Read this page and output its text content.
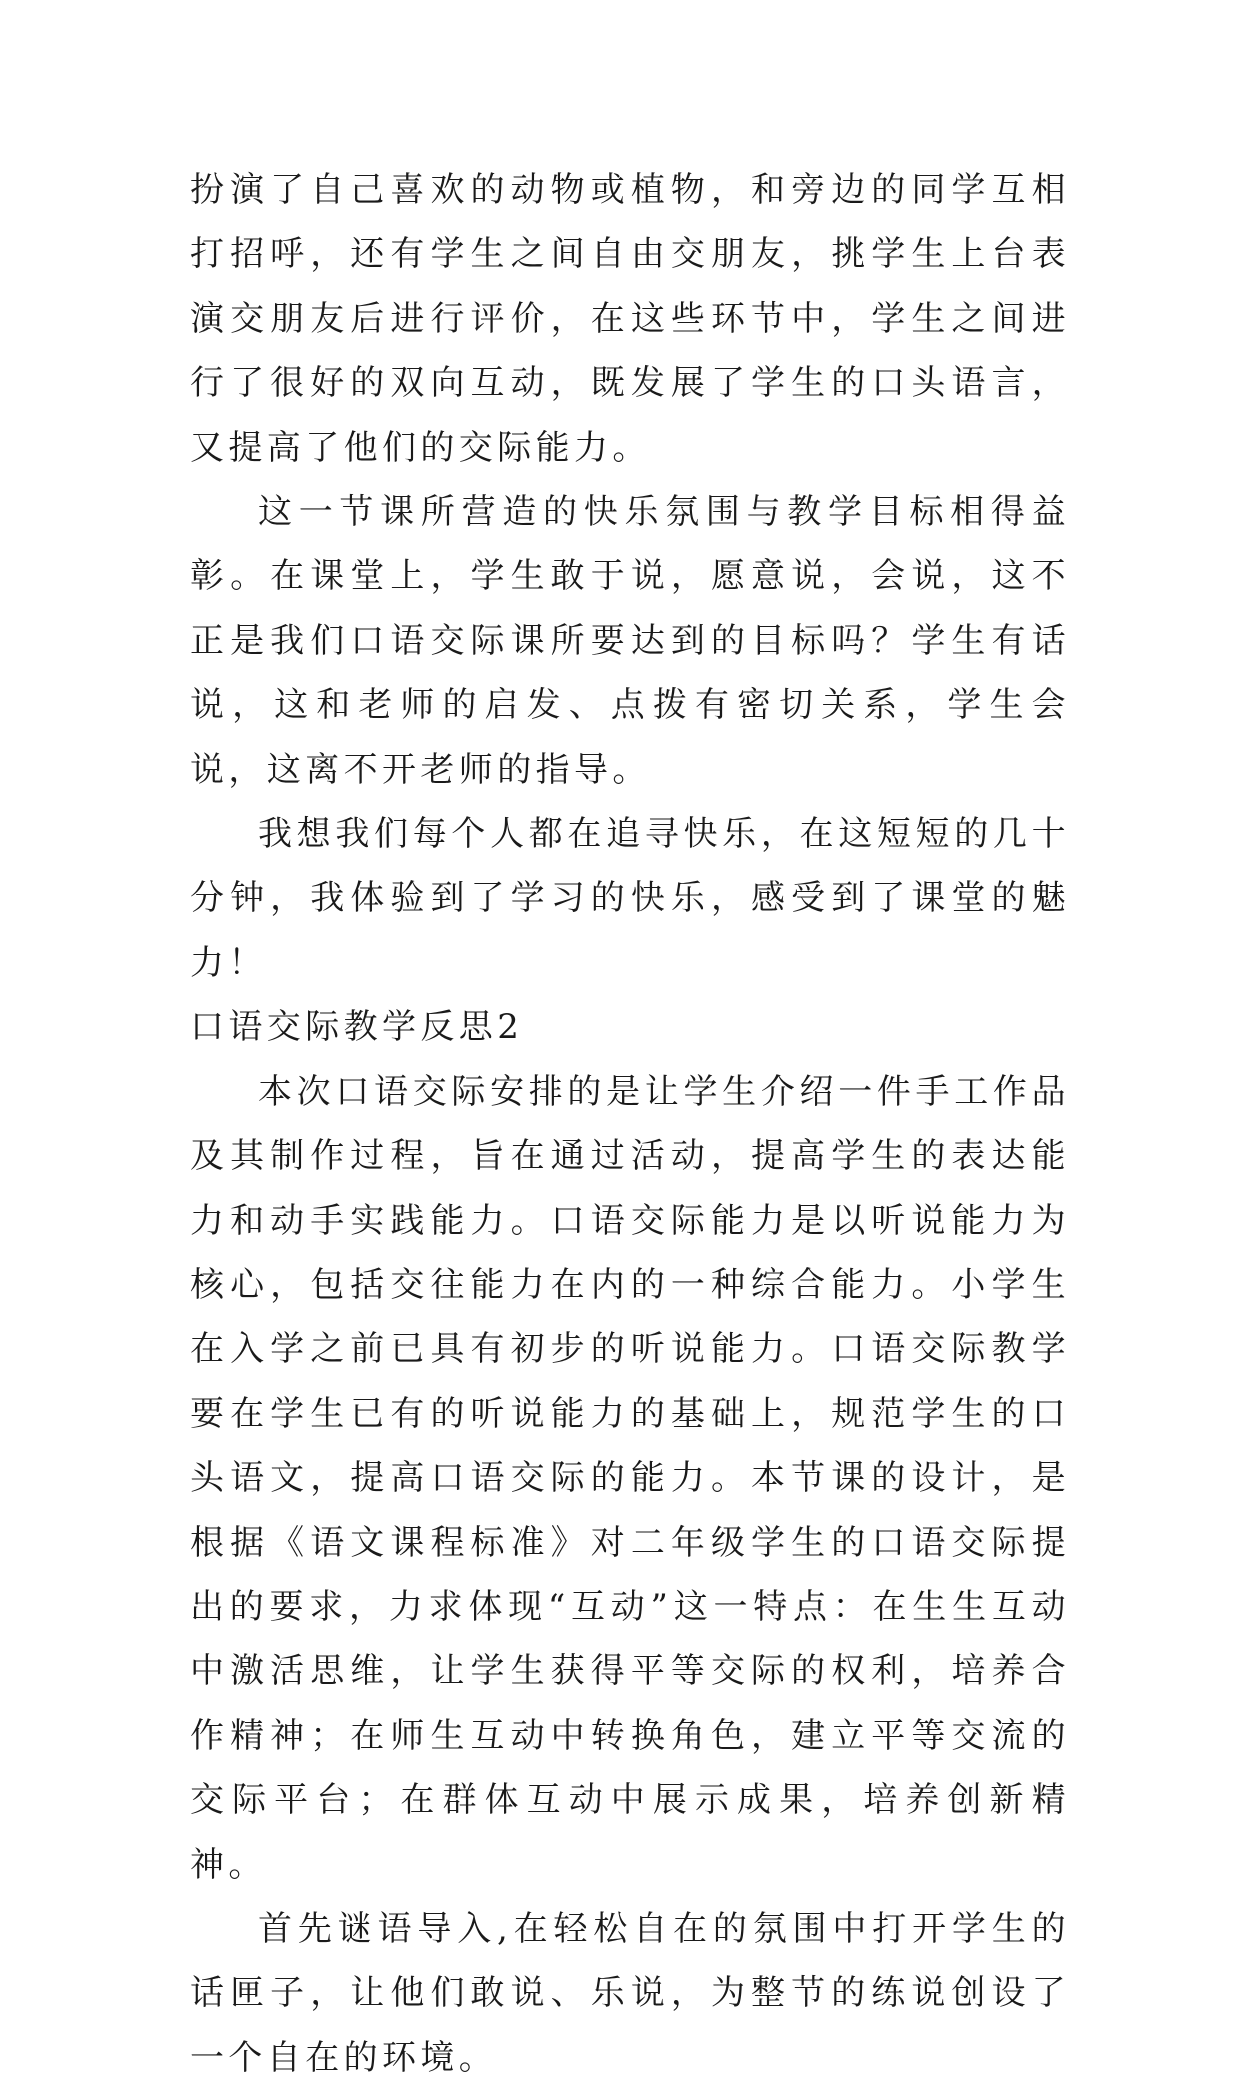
扮演了自己喜欢的动物或植物，和旁边的同学互相打招呼，还有学生之间自由交朋友，挑学生上台表演交朋友后进行评价，在这些环节中，学生之间进行了很好的双向互动，既发展了学生的口头语言，又提高了他们的交际能力。

这一节课所营造的快乐氛围与教学目标相得益彰。在课堂上，学生敢于说，愿意说，会说，这不正是我们口语交际课所要达到的目标吗？学生有话说，这和老师的启发、点拨有密切关系，学生会说，这离不开老师的指导。

我想我们每个人都在追寻快乐，在这短短的几十分钟，我体验到了学习的快乐，感受到了课堂的魅力！

口语交际教学反思2

本次口语交际安排的是让学生介绍一件手工作品及其制作过程，旨在通过活动，提高学生的表达能力和动手实践能力。口语交际能力是以听说能力为核心，包括交往能力在内的一种综合能力。小学生在入学之前已具有初步的听说能力。口语交际教学要在学生已有的听说能力的基础上，规范学生的口头语文，提高口语交际的能力。本节课的设计，是根据《语文课程标准》对二年级学生的口语交际提出的要求，力求体现“互动”这一特点：在生生互动中激活思维，让学生获得平等交际的权利，培养合作精神；在师生互动中转换角色，建立平等交流的交际平台；在群体互动中展示成果，培养创新精神。

首先谜语导入,在轻松自在的氛围中打开学生的话匣子，让他们敢说、乐说，为整节的练说创设了一个自在的环境。
